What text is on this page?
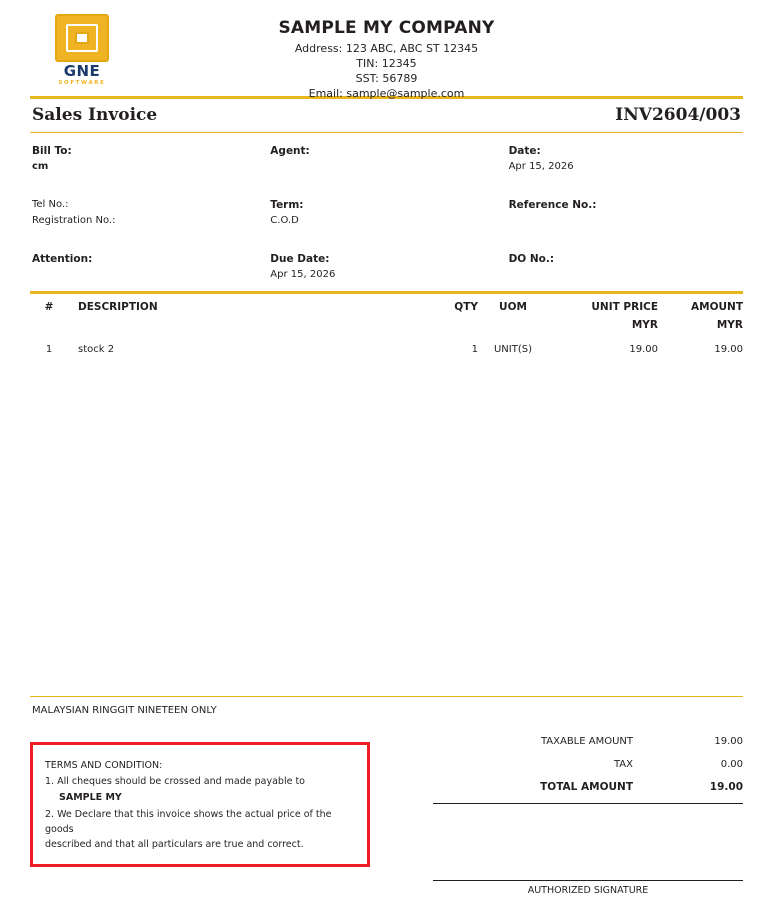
GNE
SOFTWARE
SAMPLE MY COMPANY
Address: 123 ABC, ABC ST 12345
TIN: 12345
SST: 56789
Email: sample@sample.com
Sales Invoice	INV2604/003
Bill To:
cm
Agent:	Date:
Apr 15, 2026
Tel No.:
Registration No.:
Term:
C.O.D
Reference No.:
Attention:	Due Date:
Apr 15, 2026
DO No.:
#	DESCRIPTION	QTY	UOM	UNIT PRICE	AMOUNT
				MYR	MYR
1	stock 2	1	UNIT(S)	19.00	19.00
MALAYSIAN RINGGIT NINETEEN ONLY
TERMS AND CONDITION:
1. All cheques should be crossed and made payable to
SAMPLE MY
2. We Declare that this invoice shows the actual price of the goods
described and that all particulars are true and correct.
TAXABLE AMOUNT	19.00
TAX	0.00
TOTAL AMOUNT	19.00
AUTHORIZED SIGNATURE
